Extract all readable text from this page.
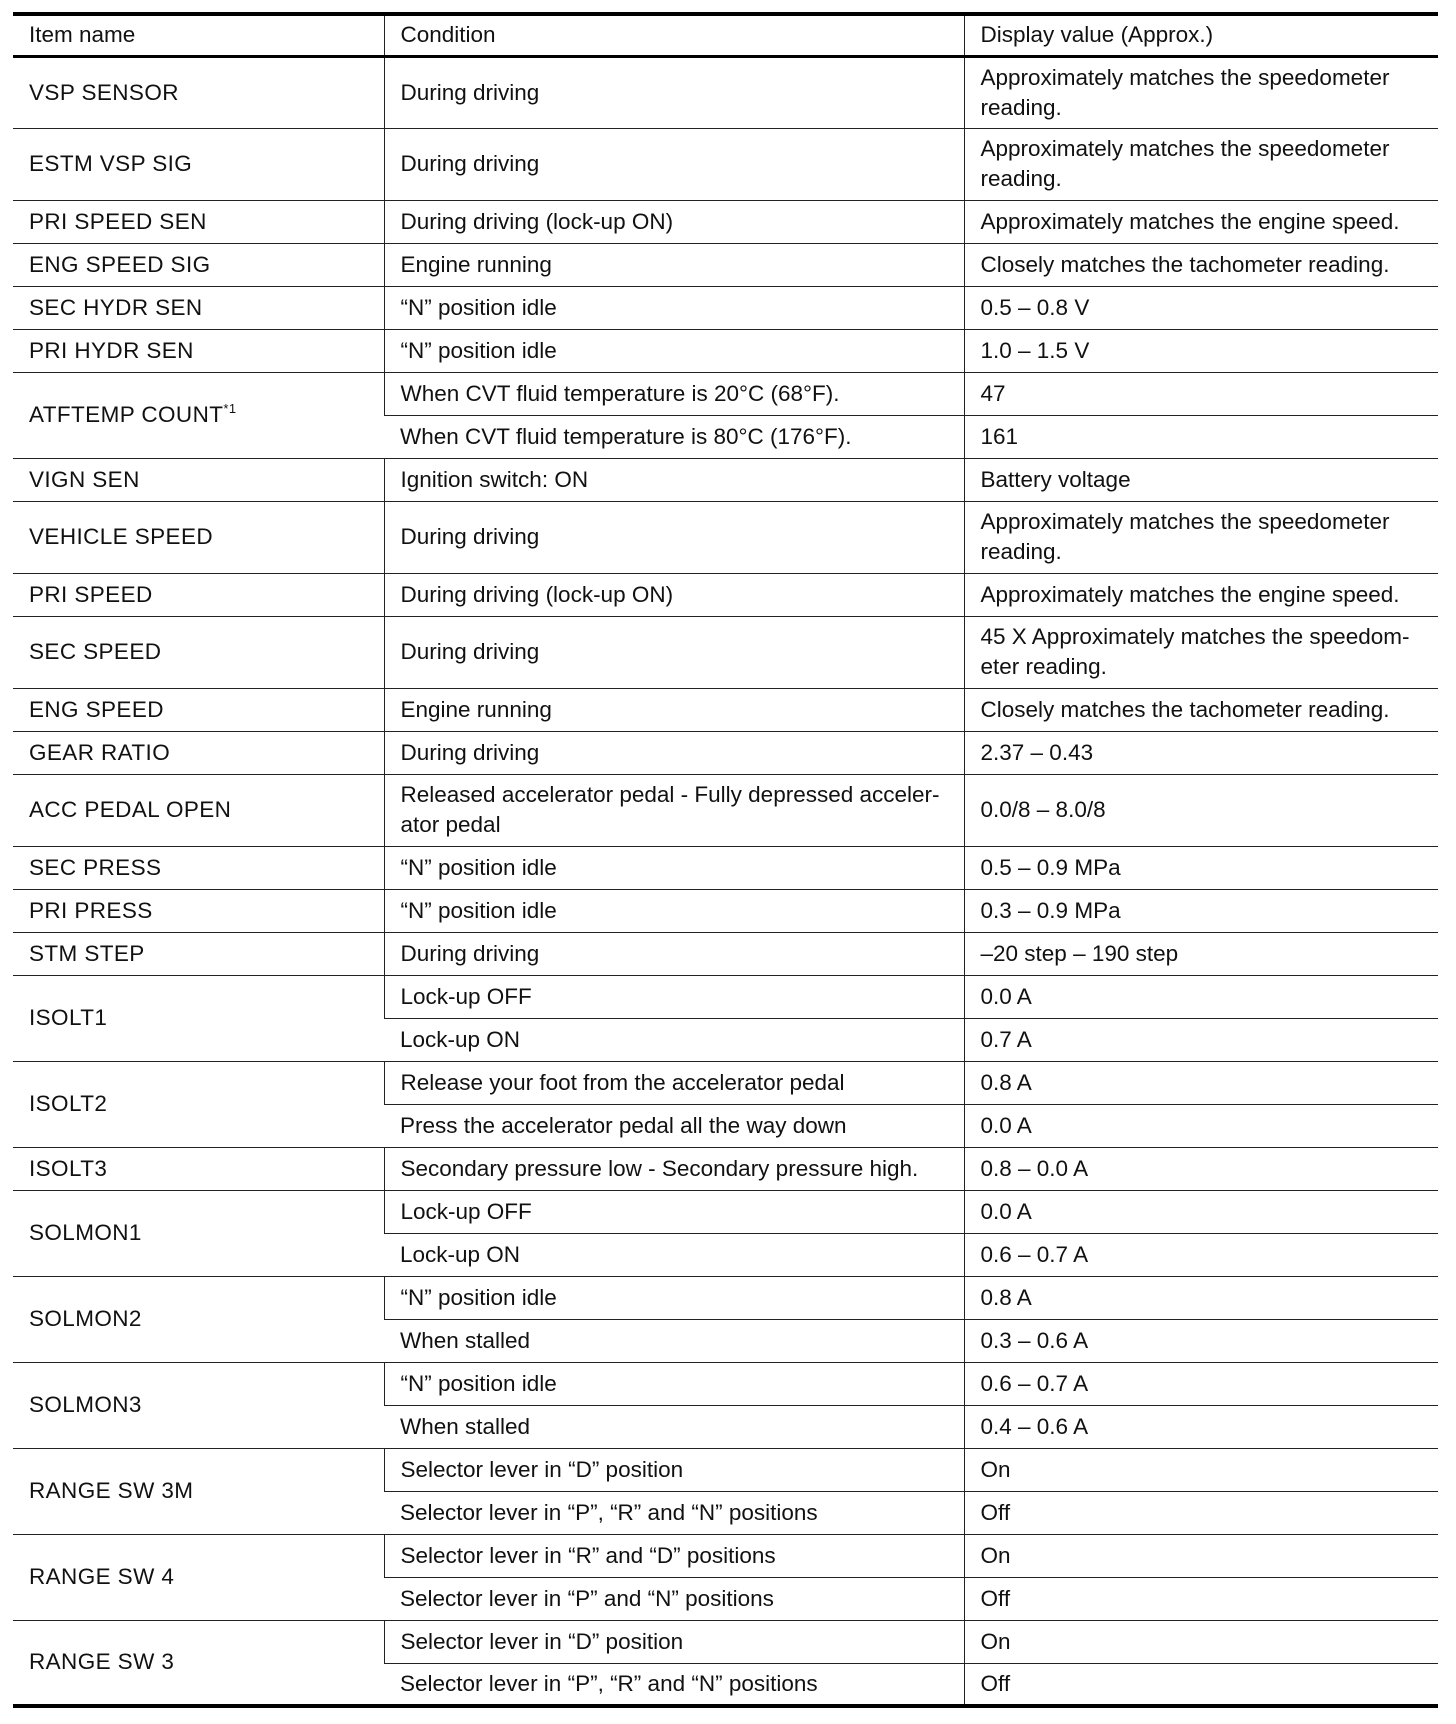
Item name	Condition	Display value (Approx.)
VSP SENSOR	During driving	Approximately matches the speedometer reading.
ESTM VSP SIG	During driving	Approximately matches the speedometer reading.
PRI SPEED SEN	During driving (lock-up ON)	Approximately matches the engine speed.
ENG SPEED SIG	Engine running	Closely matches the tachometer reading.
SEC HYDR SEN	“N” position idle	0.5 – 0.8 V
PRI HYDR SEN	“N” position idle	1.0 – 1.5 V
ATFTEMP COUNT$^{*1}$	When CVT fluid temperature is 20°C (68°F).	47
	When CVT fluid temperature is 80°C (176°F).	161
VIGN SEN	Ignition switch: ON	Battery voltage
VEHICLE SPEED	During driving	Approximately matches the speedometer reading.
PRI SPEED	During driving (lock-up ON)	Approximately matches the engine speed.
SEC SPEED	During driving	45 X Approximately matches the speedom- eter reading.
ENG SPEED	Engine running	Closely matches the tachometer reading.
GEAR RATIO	During driving	2.37 – 0.43
ACC PEDAL OPEN	Released accelerator pedal - Fully depressed acceler- ator pedal	0.0/8 – 8.0/8
SEC PRESS	“N” position idle	0.5 – 0.9 MPa
PRI PRESS	“N” position idle	0.3 – 0.9 MPa
STM STEP	During driving	–20 step – 190 step
ISOLT1	Lock-up OFF	0.0 A
	Lock-up ON	0.7 A
ISOLT2	Release your foot from the accelerator pedal	0.8 A
	Press the accelerator pedal all the way down	0.0 A
ISOLT3	Secondary pressure low - Secondary pressure high.	0.8 – 0.0 A
SOLMON1	Lock-up OFF	0.0 A
	Lock-up ON	0.6 – 0.7 A
SOLMON2	“N” position idle	0.8 A
	When stalled	0.3 – 0.6 A
SOLMON3	“N” position idle	0.6 – 0.7 A
	When stalled	0.4 – 0.6 A
RANGE SW 3M	Selector lever in “D” position	On
	Selector lever in “P”, “R” and “N” positions	Off
RANGE SW 4	Selector lever in “R” and “D” positions	On
	Selector lever in “P” and “N” positions	Off
RANGE SW 3	Selector lever in “D” position	On
	Selector lever in “P”, “R” and “N” positions	Off
